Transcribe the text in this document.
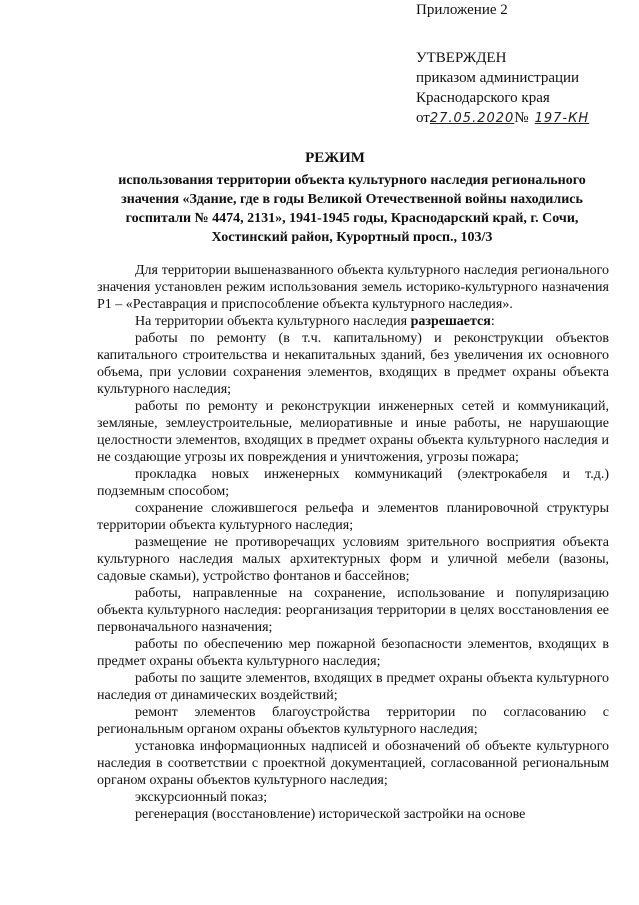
Приложение 2
УТВЕРЖДЕН
приказом администрации
Краснодарского края
от27.05.2020№ 197-КН
РЕЖИМ
использования территории объекта культурного наследия регионального значения «Здание, где в годы Великой Отечественной войны находились госпитали № 4474, 2131», 1941-1945 годы, Краснодарский край, г. Сочи, Хостинский район, Курортный просп., 103/3

Для территории вышеназванного объекта культурного наследия регионального значения установлен режим использования земель историко-культурного назначения Р1 – «Реставрация и приспособление объекта культурного наследия».

На территории объекта культурного наследия разрешается:

работы по ремонту (в т.ч. капитальному) и реконструкции объектов капитального строительства и некапитальных зданий, без увеличения их основного объема, при условии сохранения элементов, входящих в предмет охраны объекта культурного наследия;

работы по ремонту и реконструкции инженерных сетей и коммуникаций, земляные, землеустроительные, мелиоративные и иные работы, не нарушающие целостности элементов, входящих в предмет охраны объекта культурного наследия и не создающие угрозы их повреждения и уничтожения, угрозы пожара;

прокладка новых инженерных коммуникаций (электрокабеля и т.д.) подземным способом;

сохранение сложившегося рельефа и элементов планировочной структуры территории объекта культурного наследия;

размещение не противоречащих условиям зрительного восприятия объекта культурного наследия малых архитектурных форм и уличной мебели (вазоны, садовые скамьи), устройство фонтанов и бассейнов;

работы, направленные на сохранение, использование и популяризацию объекта культурного наследия: реорганизация территории в целях восстановления ее первоначального назначения;

работы по обеспечению мер пожарной безопасности элементов, входящих в предмет охраны объекта культурного наследия;

работы по защите элементов, входящих в предмет охраны объекта культурного наследия от динамических воздействий;

ремонт элементов благоустройства территории по согласованию с региональным органом охраны объектов культурного наследия;

установка информационных надписей и обозначений об объекте культурного наследия в соответствии с проектной документацией, согласованной региональным органом охраны объектов культурного наследия;

экскурсионный показ;

регенерация (восстановление) исторической застройки на основе
